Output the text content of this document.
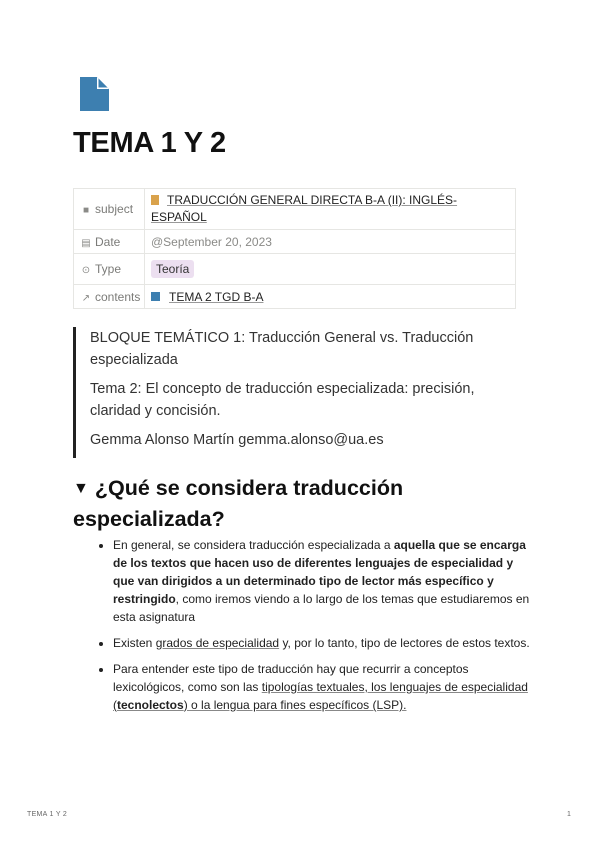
TEMA 1 Y 2
■ subject	TRADUCCIÓN GENERAL DIRECTA B-A (II): INGLÉS-ESPAÑOL
▤ Date	@September 20, 2023
⊙ Type	Teoría
↗ contents	TEMA 2 TGD B-A

BLOQUE TEMÁTICO 1: Traducción General vs. Traducción especializada

Tema 2: El concepto de traducción especializada: precisión, claridad y concisión.

Gemma Alonso Martín gemma.alonso@ua.es

▼ ¿Qué se considera traducción especializada?
• En general, se considera traducción especializada a aquella que se encarga de los textos que hacen uso de diferentes lenguajes de especialidad y que van dirigidos a un determinado tipo de lector más específico y restringido, como iremos viendo a lo largo de los temas que estudiaremos en esta asignatura
• Existen grados de especialidad y, por lo tanto, tipo de lectores de estos textos.
• Para entender este tipo de traducción hay que recurrir a conceptos lexicológicos, como son las tipologías textuales, los lenguajes de especialidad (tecnolectos) o la lengua para fines específicos (LSP).
TEMA 1 Y 2	1
